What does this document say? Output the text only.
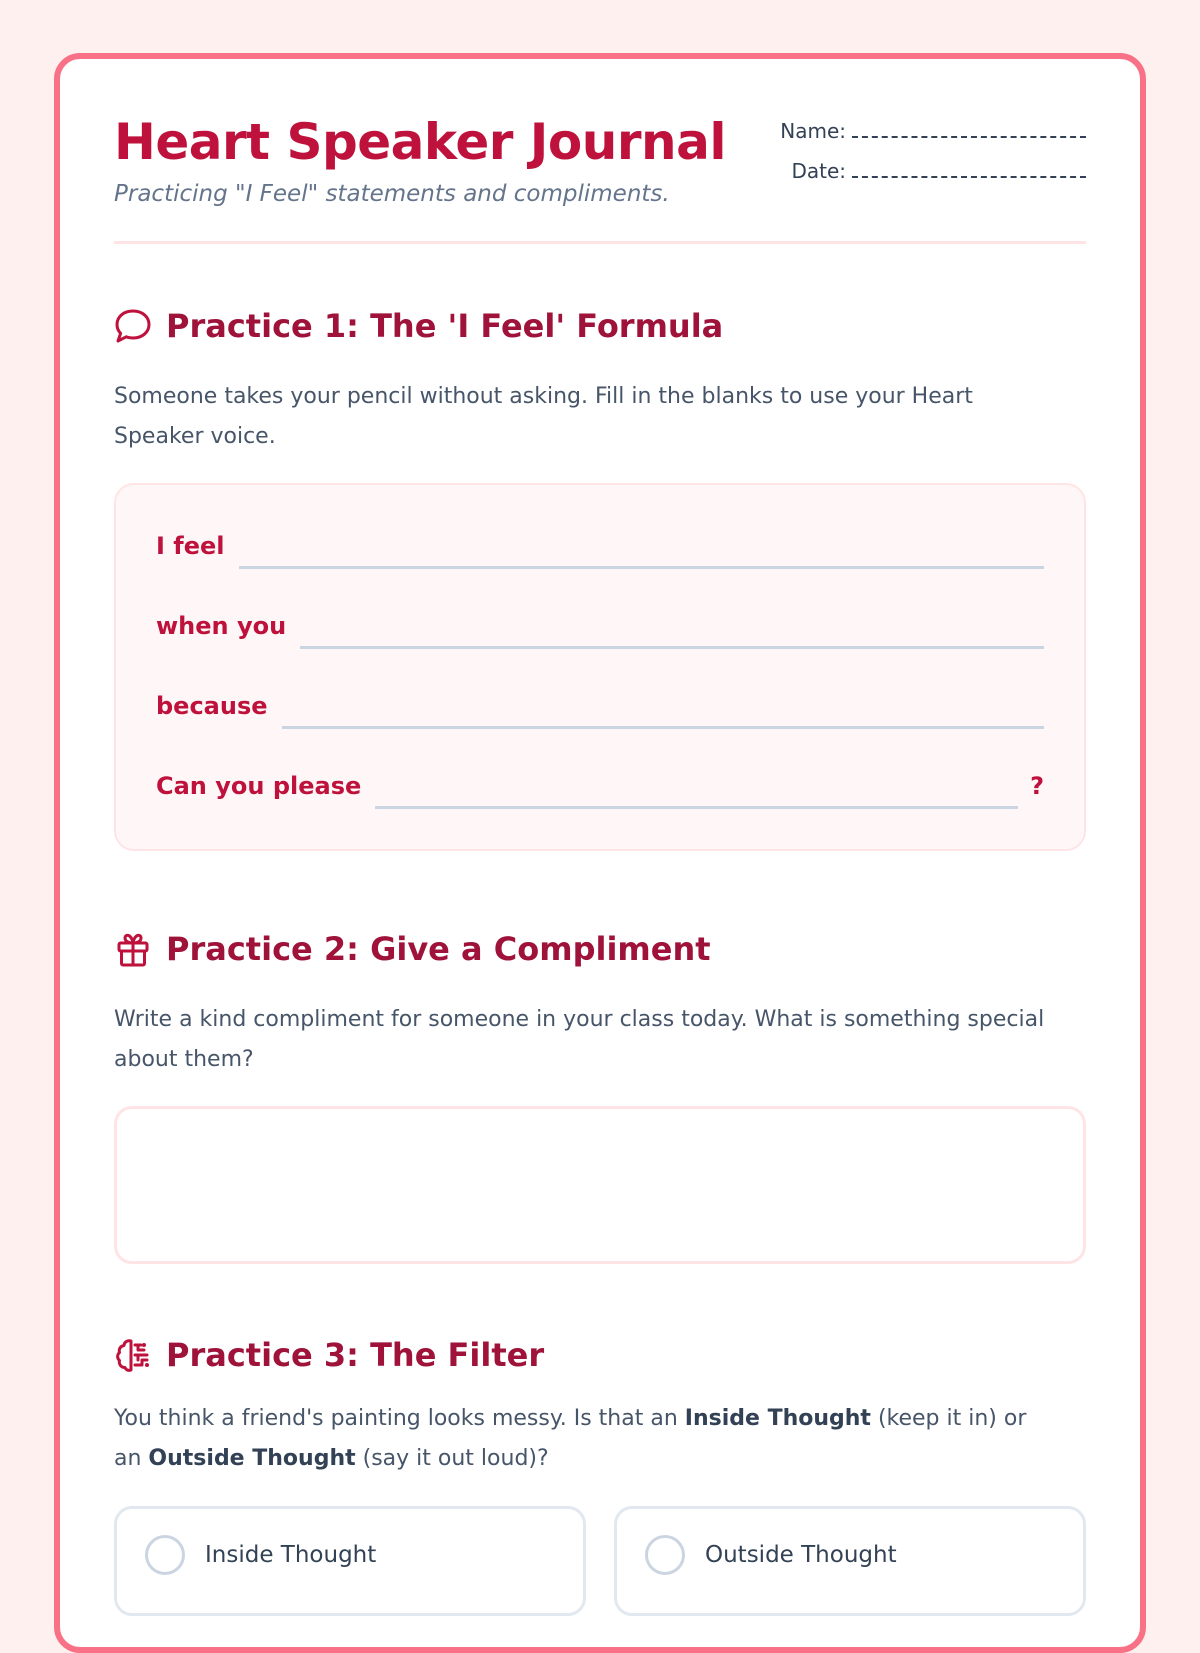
Heart Speaker Journal
Practicing "I Feel" statements and compliments.
Name:
Date:
Practice 1: The 'I Feel' Formula
Someone takes your pencil without asking. Fill in the blanks to use your Heart Speaker voice.
I feel
when you
because
Can you please	?
Practice 2: Give a Compliment
Write a kind compliment for someone in your class today. What is something special about them?
Practice 3: The Filter
You think a friend's painting looks messy. Is that an Inside Thought (keep it in) or an Outside Thought (say it out loud)?
Inside Thought	Outside Thought
